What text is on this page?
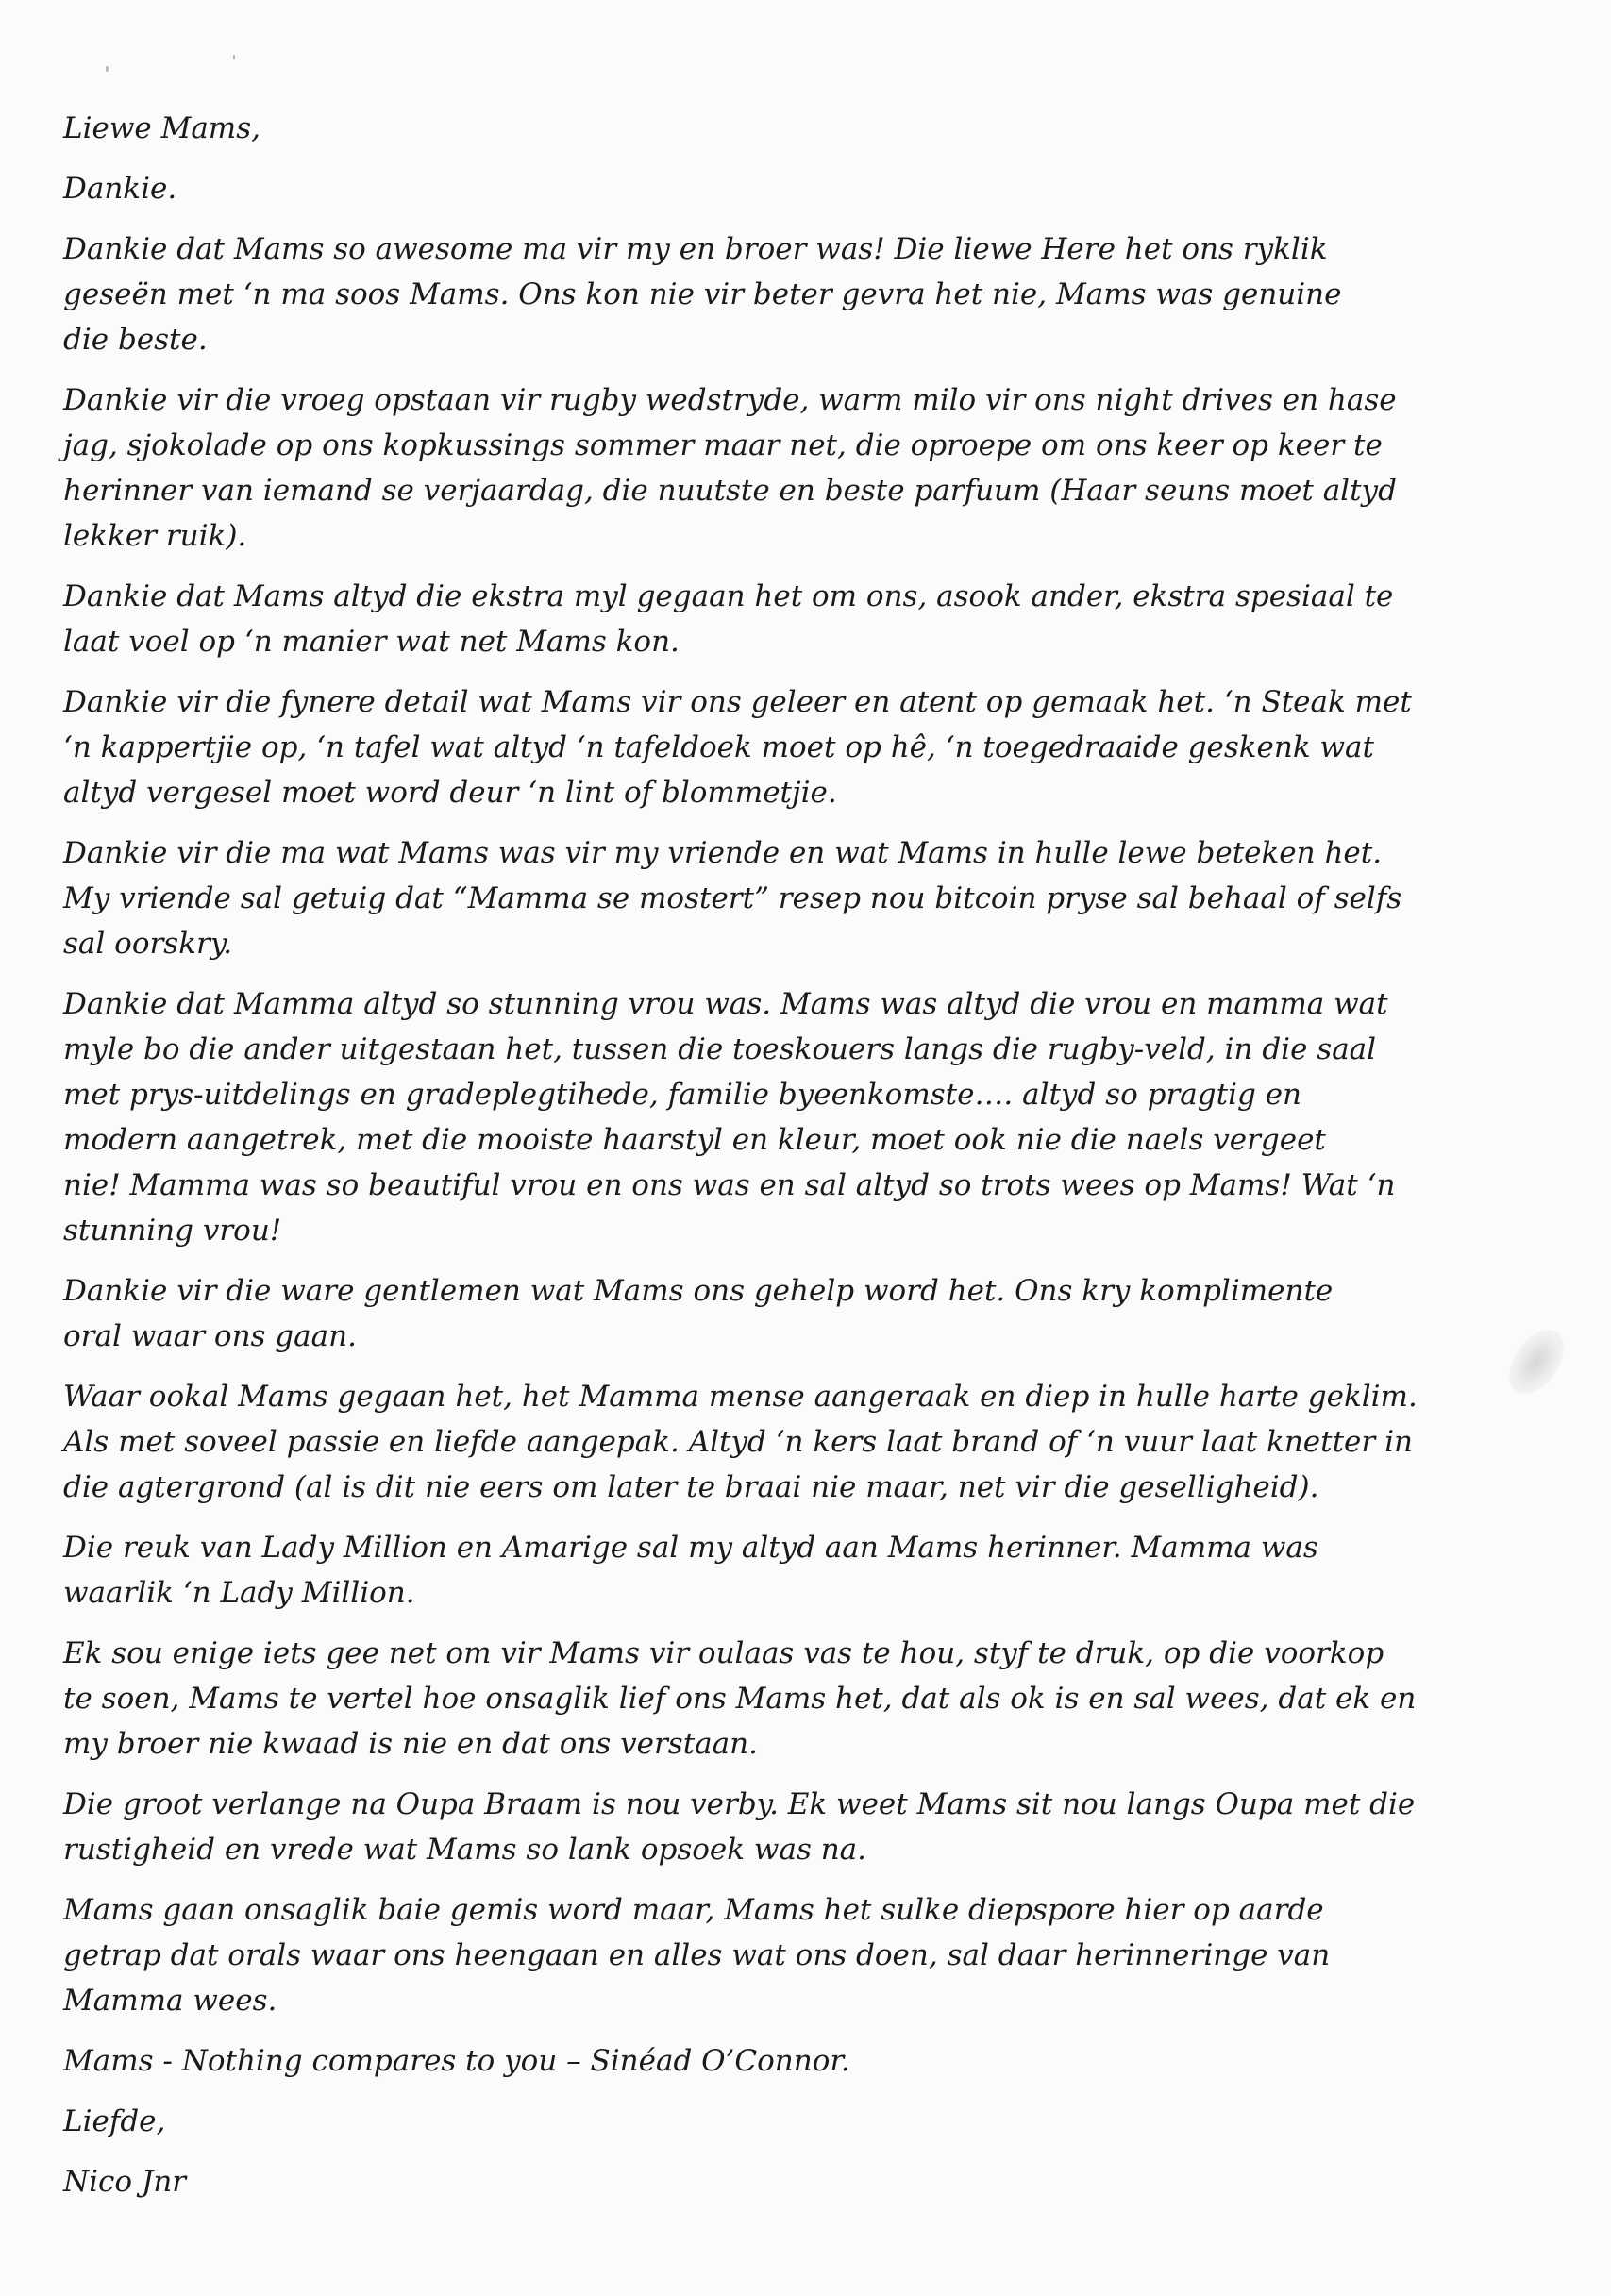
Liewe Mams,

Dankie.

Dankie dat Mams so awesome ma vir my en broer was! Die liewe Here het ons ryklik
geseën met ‘n ma soos Mams. Ons kon nie vir beter gevra het nie, Mams was genuine
die beste.

Dankie vir die vroeg opstaan vir rugby wedstryde, warm milo vir ons night drives en hase
jag, sjokolade op ons kopkussings sommer maar net, die oproepe om ons keer op keer te
herinner van iemand se verjaardag, die nuutste en beste parfuum (Haar seuns moet altyd
lekker ruik).

Dankie dat Mams altyd die ekstra myl gegaan het om ons, asook ander, ekstra spesiaal te
laat voel op ‘n manier wat net Mams kon.

Dankie vir die fynere detail wat Mams vir ons geleer en atent op gemaak het. ‘n Steak met
‘n kappertjie op, ‘n tafel wat altyd ‘n tafeldoek moet op hê, ‘n toegedraaide geskenk wat
altyd vergesel moet word deur ‘n lint of blommetjie.

Dankie vir die ma wat Mams was vir my vriende en wat Mams in hulle lewe beteken het.
My vriende sal getuig dat “Mamma se mostert” resep nou bitcoin pryse sal behaal of selfs
sal oorskry.

Dankie dat Mamma altyd so stunning vrou was. Mams was altyd die vrou en mamma wat
myle bo die ander uitgestaan het, tussen die toeskouers langs die rugby-veld, in die saal
met prys-uitdelings en gradeplegtihede, familie byeenkomste…. altyd so pragtig en
modern aangetrek, met die mooiste haarstyl en kleur, moet ook nie die naels vergeet
nie! Mamma was so beautiful vrou en ons was en sal altyd so trots wees op Mams! Wat ‘n
stunning vrou!

Dankie vir die ware gentlemen wat Mams ons gehelp word het. Ons kry komplimente
oral waar ons gaan.

Waar ookal Mams gegaan het, het Mamma mense aangeraak en diep in hulle harte geklim.
Als met soveel passie en liefde aangepak. Altyd ‘n kers laat brand of ‘n vuur laat knetter in
die agtergrond (al is dit nie eers om later te braai nie maar, net vir die geselligheid).

Die reuk van Lady Million en Amarige sal my altyd aan Mams herinner. Mamma was
waarlik ‘n Lady Million.

Ek sou enige iets gee net om vir Mams vir oulaas vas te hou, styf te druk, op die voorkop
te soen, Mams te vertel hoe onsaglik lief ons Mams het, dat als ok is en sal wees, dat ek en
my broer nie kwaad is nie en dat ons verstaan.

Die groot verlange na Oupa Braam is nou verby. Ek weet Mams sit nou langs Oupa met die
rustigheid en vrede wat Mams so lank opsoek was na.

Mams gaan onsaglik baie gemis word maar, Mams het sulke diepspore hier op aarde
getrap dat orals waar ons heengaan en alles wat ons doen, sal daar herinneringe van
Mamma wees.

Mams - Nothing compares to you – Sinéad O’Connor.

Liefde,

Nico Jnr
